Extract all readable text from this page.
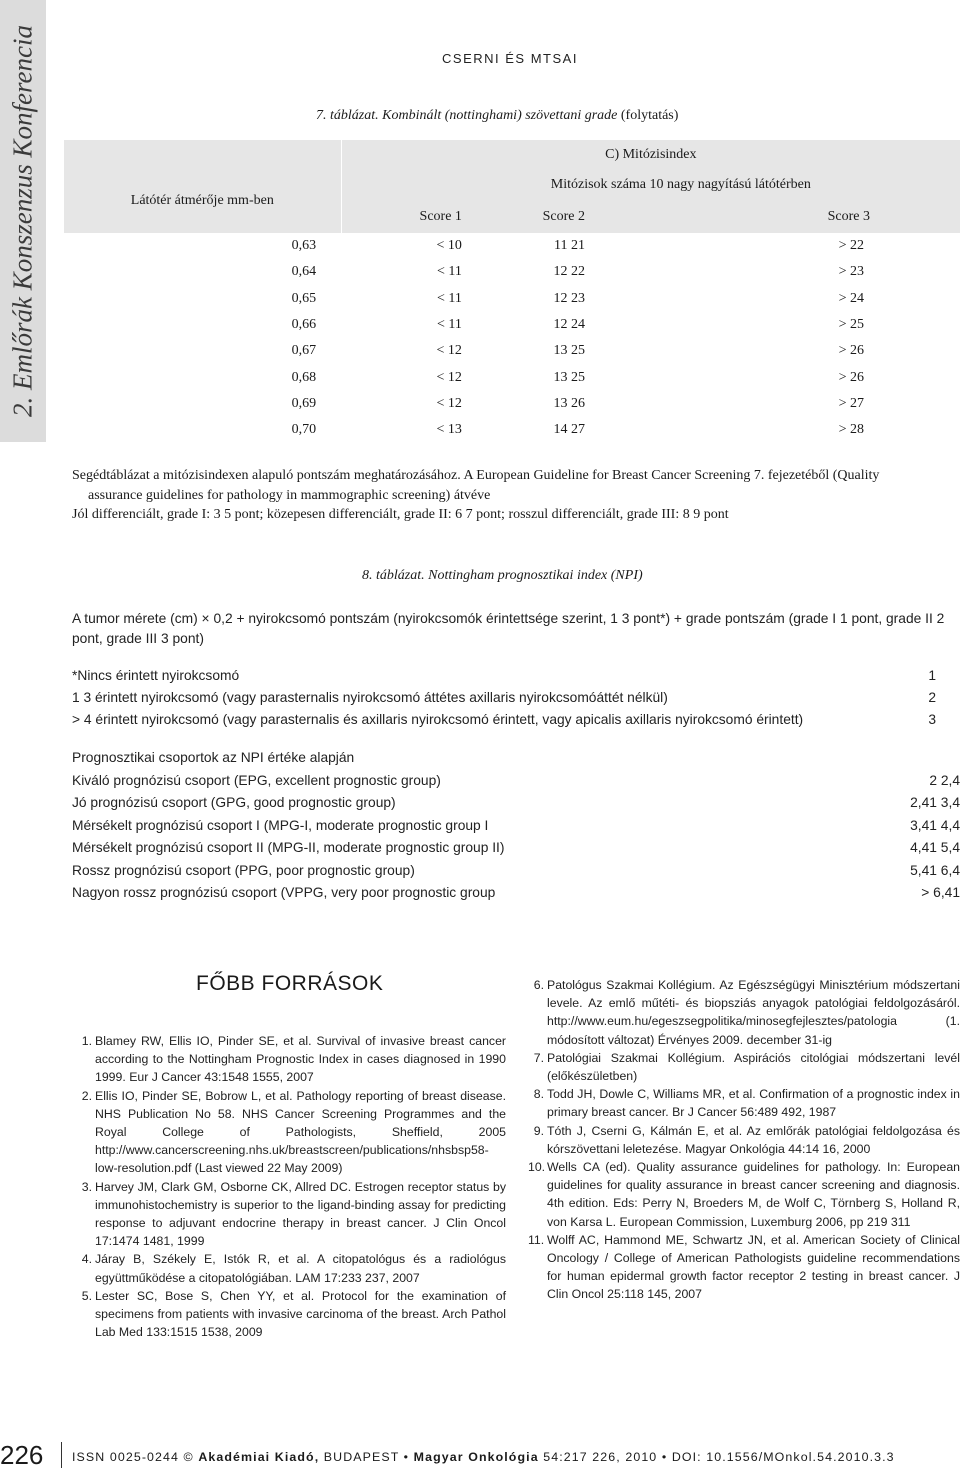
2. Emlőrák Konszenzus Konferencia	CSERNI ÉS MTSAI
7. táblázat. Kombinált (nottinghami) szövettani grade (folytatás)
	C) Mitózisindex		
Látótér átmérője mm-ben	Mitózisok száma 10 nagy nagyítású látótérben		
	Score 1	Score 2	Score 3
0,63	< 10	11 21	> 22
0,64	< 11	12 22	> 23
0,65	< 11	12 23	> 24
0,66	< 11	12 24	> 25
0,67	< 12	13 25	> 26
0,68	< 12	13 25	> 26
0,69	< 12	13 26	> 27
0,70	< 13	14 27	> 28
Segédtáblázat a mitózisindexen alapuló pontszám meghatározásához. A European Guideline for Breast Cancer Screening 7. fejezetéből (Quality
assurance guidelines for pathology in mammographic screening) átvéve
Jól differenciált, grade I: 3 5 pont; közepesen differenciált, grade II: 6 7 pont; rosszul differenciált, grade III: 8 9 pont
8. táblázat. Nottingham prognosztikai index (NPI)

A tumor mérete (cm) × 0,2 + nyirokcsomó pontszám (nyirokcsomók érintettsége szerint, 1 3 pont*) + grade pontszám (grade I 1 pont, grade II 2 pont, grade III 3 pont)

*Nincs érintett nyirokcsomó	1
1 3 érintett nyirokcsomó (vagy parasternalis nyirokcsomó áttétes axillaris nyirokcsomóáttét nélkül)	2
> 4 érintett nyirokcsomó (vagy parasternalis és axillaris nyirokcsomó érintett, vagy apicalis axillaris nyirokcsomó érintett)	3
Prognosztikai csoportok az NPI értéke alapján
Kiváló prognózisú csoport (EPG, excellent prognostic group)	2 2,4
Jó prognózisú csoport (GPG, good prognostic group)	2,41 3,4
Mérsékelt prognózisú csoport I (MPG-I, moderate prognostic group I	3,41 4,4
Mérsékelt prognózisú csoport II (MPG-II, moderate prognostic group II)	4,41 5,4
Rossz prognózisú csoport (PPG, poor prognostic group)	5,41 6,4
Nagyon rossz prognózisú csoport (VPPG, very poor prognostic group	> 6,41
FŐBB FORRÁSOK
1. Blamey RW, Ellis IO, Pinder SE, et al. Survival of invasive breast cancer according to the Nottingham Prognostic Index in cases diagnosed in 1990 1999. Eur J Cancer 43:1548 1555, 2007
2. Ellis IO, Pinder SE, Bobrow L, et al. Pathology reporting of breast disease. NHS Publication No 58. NHS Cancer Screening Programmes and the Royal College of Pathologists, Sheffield, 2005 http://www.cancerscreening.nhs.uk/breastscreen/publications/nhsbsp58-low-resolution.pdf (Last viewed 22 May 2009)
3. Harvey JM, Clark GM, Osborne CK, Allred DC. Estrogen receptor status by immunohistochemistry is superior to the ligand-binding assay for predicting response to adjuvant endocrine therapy in breast cancer. J Clin Oncol 17:1474 1481, 1999
4. Járay B, Székely E, Istók R, et al. A citopatológus és a radiológus együttműködése a citopatológiában. LAM 17:233 237, 2007
5. Lester SC, Bose S, Chen YY, et al. Protocol for the examination of specimens from patients with invasive carcinoma of the breast. Arch Pathol Lab Med 133:1515 1538, 2009
6. Patológus Szakmai Kollégium. Az Egészségügyi Minisztérium módszertani levele. Az emlő műtéti- és biopsziás anyagok patológiai feldolgozásáról. http://www.eum.hu/egeszsegpolitika/minosegfejlesztes/patologia (1. módosított változat) Érvényes 2009. december 31-ig
7. Patológiai Szakmai Kollégium. Aspirációs citológiai módszertani levél (előkészületben)
8. Todd JH, Dowle C, Williams MR, et al. Confirmation of a prognostic index in primary breast cancer. Br J Cancer 56:489 492, 1987
9. Tóth J, Cserni G, Kálmán E, et al. Az emlőrák patológiai feldolgozása és kórszövettani leletezése. Magyar Onkológia 44:14 16, 2000
10. Wells CA (ed). Quality assurance guidelines for pathology. In: European guidelines for quality assurance in breast cancer screening and diagnosis. 4th edition. Eds: Perry N, Broeders M, de Wolf C, Törnberg S, Holland R, von Karsa L. European Commission, Luxemburg 2006, pp 219 311
11. Wolff AC, Hammond ME, Schwartz JN, et al. American Society of Clinical Oncology / College of American Pathologists guideline recommendations for human epidermal growth factor receptor 2 testing in breast cancer. J Clin Oncol 25:118 145, 2007
226 ISSN 0025-0244 © Akadémiai Kiadó, BUDAPEST • Magyar Onkológia 54:217 226, 2010 • DOI: 10.1556/MOnkol.54.2010.3.3
